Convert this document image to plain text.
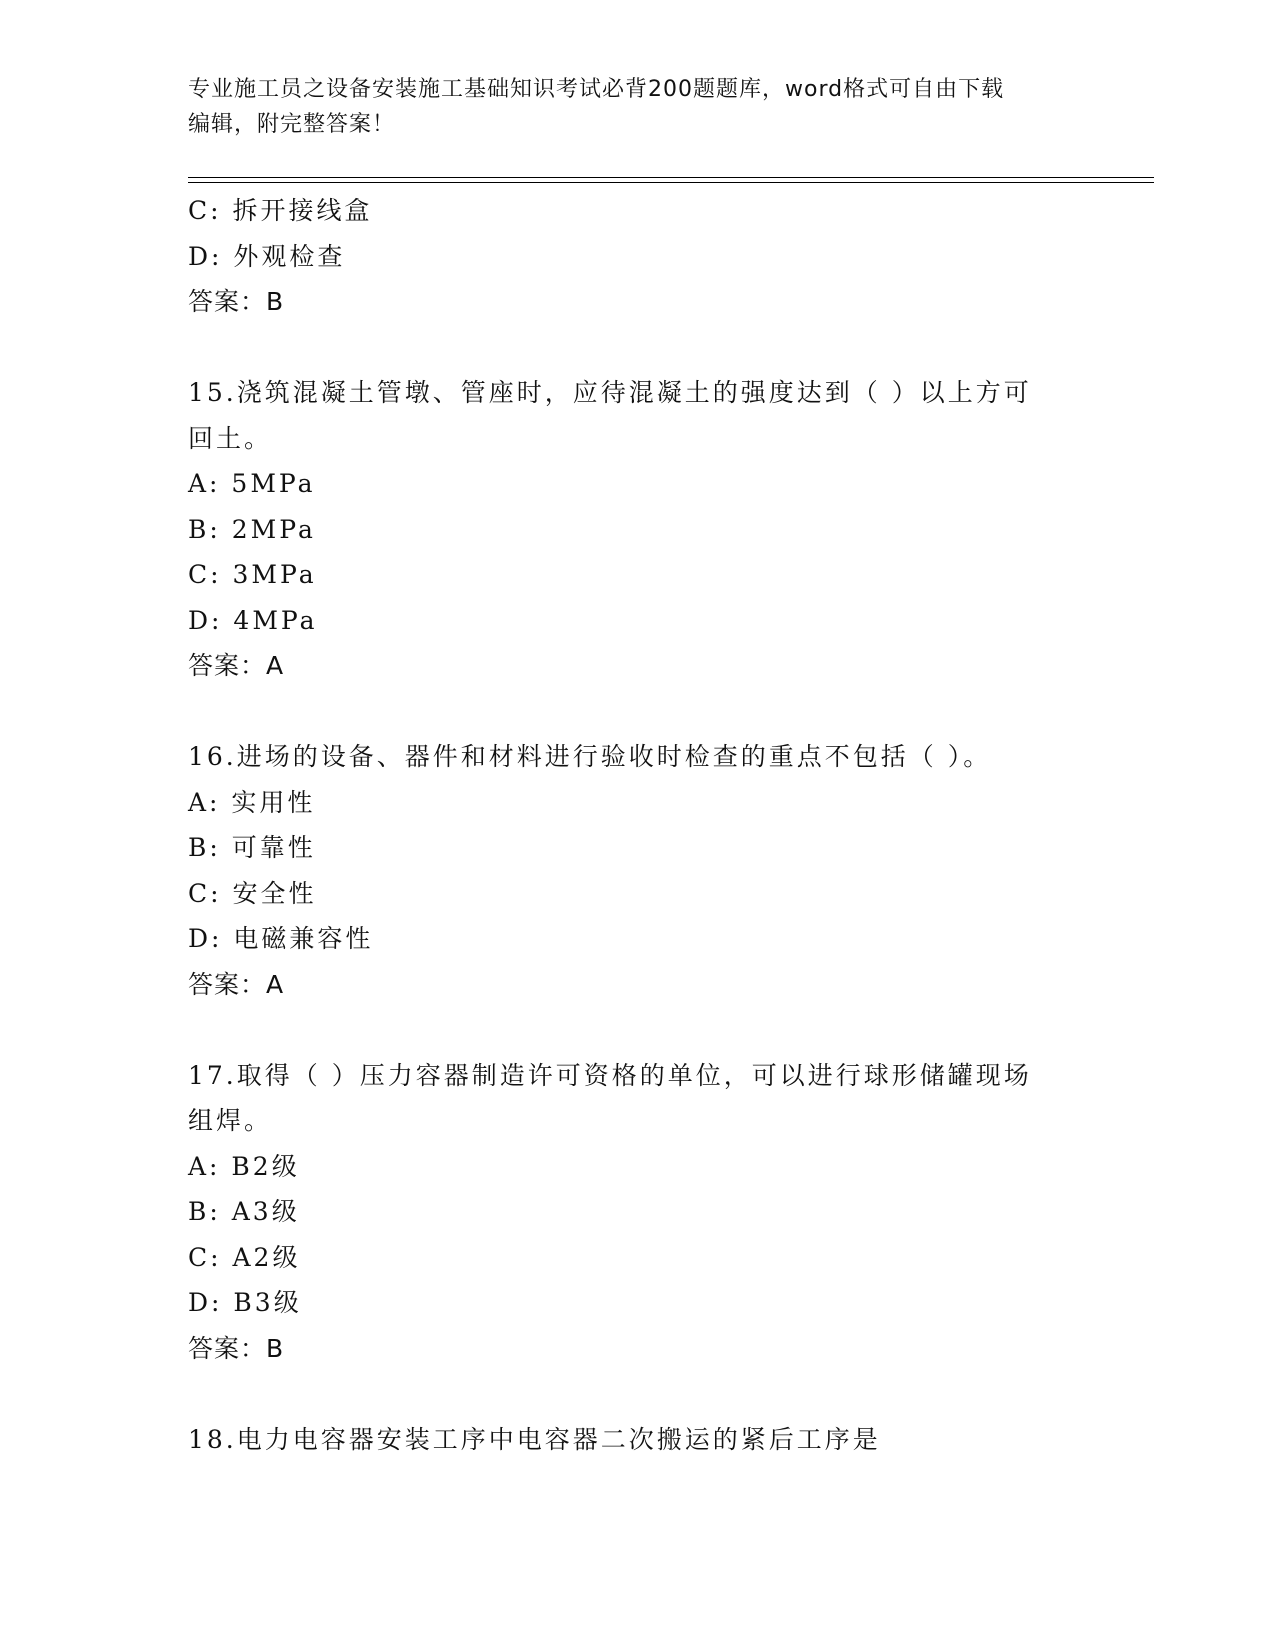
专业施工员之设备安装施工基础知识考试必背200题题库，word格式可自由下载
编辑，附完整答案！
C: 拆开接线盒
D: 外观检查
答案：B
15.浇筑混凝土管墩、管座时，应待混凝土的强度达到（ ）以上方可
回土。
A: 5MPa
B: 2MPa
C: 3MPa
D: 4MPa
答案：A
16.进场的设备、器件和材料进行验收时检查的重点不包括（ ）。
A: 实用性
B: 可靠性
C: 安全性
D: 电磁兼容性
答案：A
17.取得（ ）压力容器制造许可资格的单位，可以进行球形储罐现场
组焊。
A: B2级
B: A3级
C: A2级
D: B3级
答案：B
18.电力电容器安装工序中电容器二次搬运的紧后工序是
